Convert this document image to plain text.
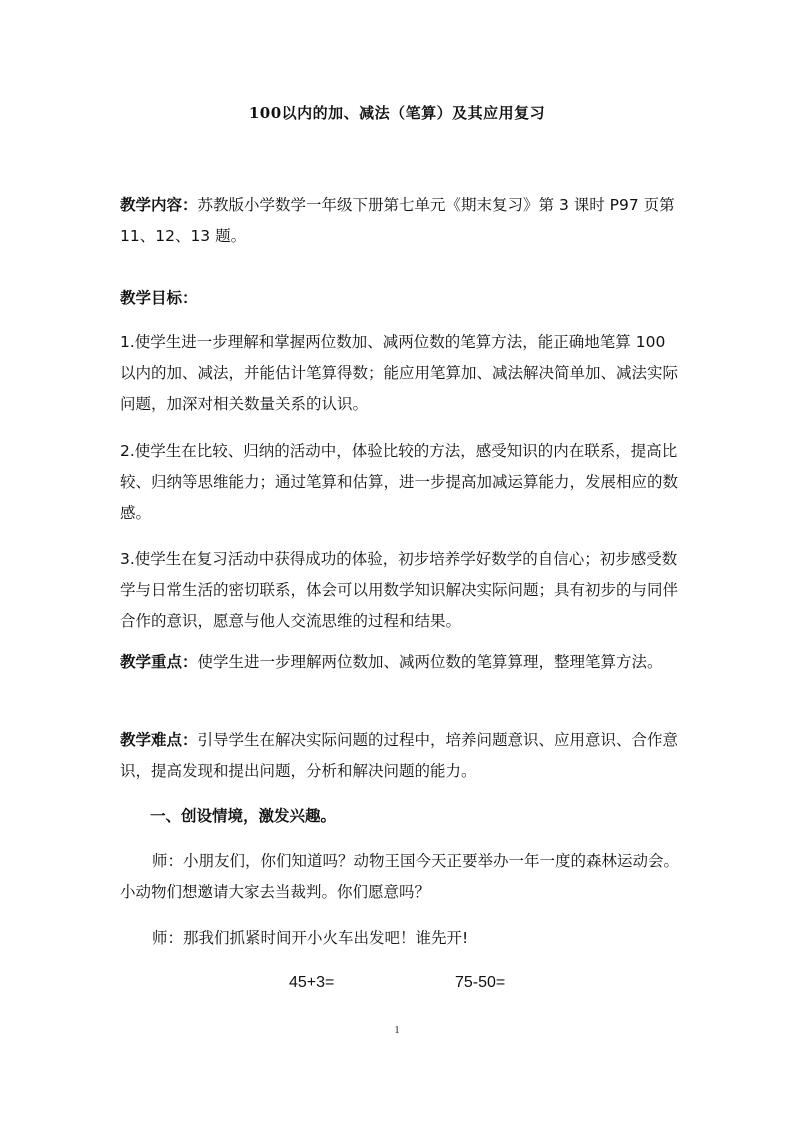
100以内的加、减法（笔算）及其应用复习

教学内容：苏教版小学数学一年级下册第七单元《期末复习》第 3 课时 P97 页第 11、12、13 题。

教学目标：

1.使学生进一步理解和掌握两位数加、减两位数的笔算方法，能正确地笔算 100 以内的加、减法，并能估计笔算得数；能应用笔算加、减法解决简单加、减法实际问题，加深对相关数量关系的认识。

2.使学生在比较、归纳的活动中，体验比较的方法，感受知识的内在联系，提高比较、归纳等思维能力；通过笔算和估算，进一步提高加减运算能力，发展相应的数感。

3.使学生在复习活动中获得成功的体验，初步培养学好数学的自信心；初步感受数学与日常生活的密切联系，体会可以用数学知识解决实际问题；具有初步的与同伴合作的意识，愿意与他人交流思维的过程和结果。

教学重点：使学生进一步理解两位数加、减两位数的笔算算理，整理笔算方法。

教学难点：引导学生在解决实际问题的过程中，培养问题意识、应用意识、合作意识，提高发现和提出问题，分析和解决问题的能力。

一、创设情境，激发兴趣。

师：小朋友们，你们知道吗？动物王国今天正要举办一年一度的森林运动会。小动物们想邀请大家去当裁判。你们愿意吗？

师：那我们抓紧时间开小火车出发吧！谁先开!

45+3=	75-50=
1
